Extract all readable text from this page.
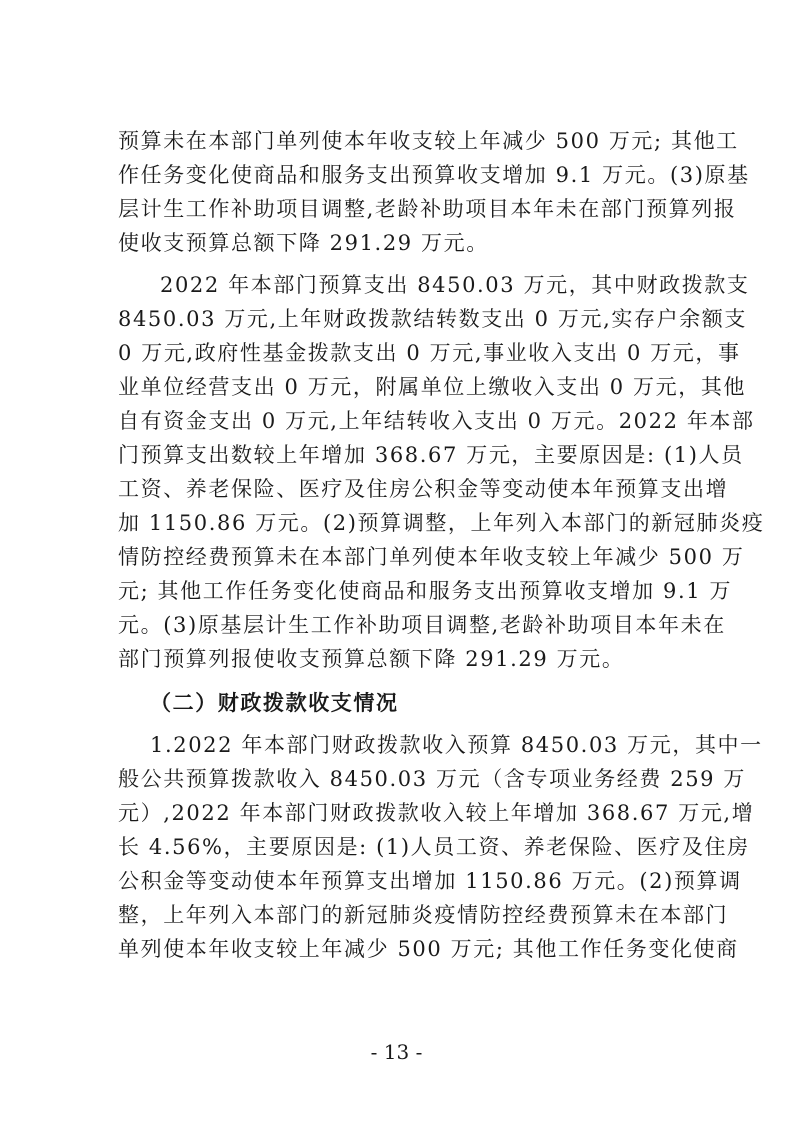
预算未在本部门单列使本年收支较上年减少 500 万元; 其他工
作任务变化使商品和服务支出预算收支增加 9.1 万元。(3)原基
层计生工作补助项目调整,老龄补助项目本年未在部门预算列报
使收支预算总额下降 291.29 万元。
2022 年本部门预算支出 8450.03 万元，其中财政拨款支
8450.03 万元,上年财政拨款结转数支出 0 万元,实存户余额支
0 万元,政府性基金拨款支出 0 万元,事业收入支出 0 万元，事
业单位经营支出 0 万元，附属单位上缴收入支出 0 万元，其他
自有资金支出 0 万元,上年结转收入支出 0 万元。2022 年本部
门预算支出数较上年增加 368.67 万元，主要原因是: (1)人员
工资、养老保险、医疗及住房公积金等变动使本年预算支出增
加 1150.86 万元。(2)预算调整，上年列入本部门的新冠肺炎疫
情防控经费预算未在本部门单列使本年收支较上年减少 500 万
元; 其他工作任务变化使商品和服务支出预算收支增加 9.1 万
元。(3)原基层计生工作补助项目调整,老龄补助项目本年未在
部门预算列报使收支预算总额下降 291.29 万元。
（二）财政拨款收支情况
1.2022 年本部门财政拨款收入预算 8450.03 万元，其中一
般公共预算拨款收入 8450.03 万元（含专项业务经费 259 万
元）,2022 年本部门财政拨款收入较上年增加 368.67 万元,增
长 4.56%，主要原因是: (1)人员工资、养老保险、医疗及住房
公积金等变动使本年预算支出增加 1150.86 万元。(2)预算调
整，上年列入本部门的新冠肺炎疫情防控经费预算未在本部门
单列使本年收支较上年减少 500 万元; 其他工作任务变化使商
- 13 -
